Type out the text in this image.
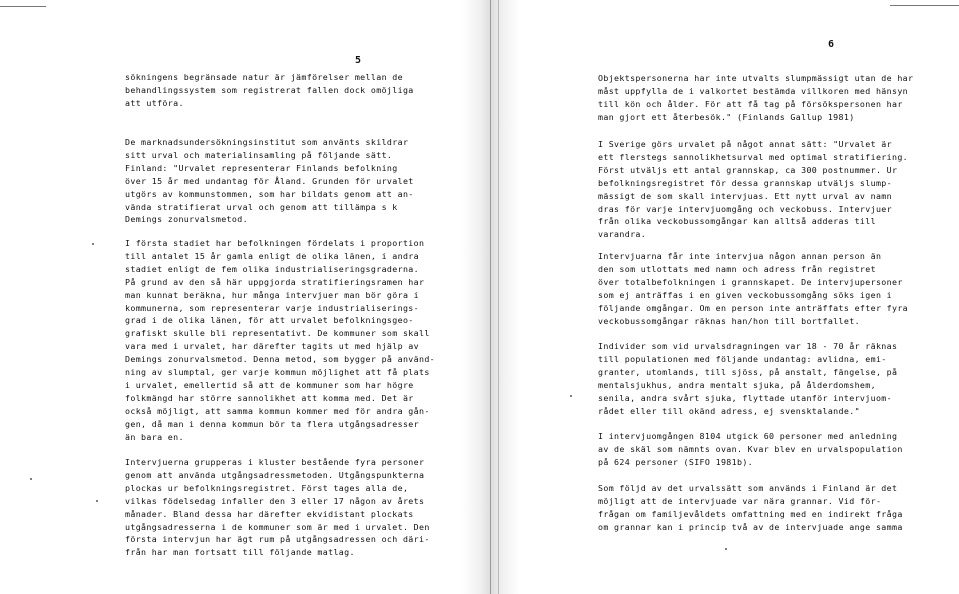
5
sökningens begränsade natur är jämförelser mellan de
behandlingssystem som registrerat fallen dock omöjliga
att utföra.
De marknadsundersökningsinstitut som använts skildrar
sitt urval och materialinsamling på följande sätt.
Finland: "Urvalet representerar Finlands befolkning
över 15 år med undantag för Åland. Grunden för urvalet
utgörs av kommunstommen, som har bildats genom att an-
vända stratifierat urval och genom att tillämpa s k
Demings zonurvalsmetod.
I första stadiet har befolkningen fördelats i proportion
till antalet 15 år gamla enligt de olika länen, i andra
stadiet enligt de fem olika industrialiseringsgraderna.
På grund av den så här uppgjorda stratifieringsramen har
man kunnat beräkna, hur många intervjuer man bör göra i
kommunerna, som representerar varje industrialiserings-
grad i de olika länen, för att urvalet befolkningsgeo-
grafiskt skulle bli representativt. De kommuner som skall
vara med i urvalet, har därefter tagits ut med hjälp av
Demings zonurvalsmetod. Denna metod, som bygger på använd-
ning av slumptal, ger varje kommun möjlighet att få plats
i urvalet, emellertid så att de kommuner som har högre
folkmängd har större sannolikhet att komma med. Det är
också möjligt, att samma kommun kommer med för andra gån-
gen, då man i denna kommun bör ta flera utgångsadresser
än bara en.
Intervjuerna grupperas i kluster bestående fyra personer
genom att använda utgångsadressmetoden. Utgångspunkterna
plockas ur befolkningsregistret. Först tages alla de,
vilkas födelsedag infaller den 3 eller 17 någon av årets
månader. Bland dessa har därefter ekvidistant plockats
utgångsadresserna i de kommuner som är med i urvalet. Den
första intervjun har ägt rum på utgångsadressen och däri-
från har man fortsatt till följande matlag.
6
Objektspersonerna har inte utvalts slumpmässigt utan de har
måst uppfylla de i valkortet bestämda villkoren med hänsyn
till kön och ålder. För att få tag på försökspersonen har
man gjort ett återbesök." (Finlands Gallup 1981)
I Sverige görs urvalet på något annat sätt: "Urvalet är
ett flerstegs sannolikhetsurval med optimal stratifiering.
Först utväljs ett antal grannskap, ca 300 postnummer. Ur
befolkningsregistret för dessa grannskap utväljs slump-
mässigt de som skall intervjuas. Ett nytt urval av namn
dras för varje intervjuomgång och veckobuss. Intervjuer
från olika veckobussomgångar kan alltså adderas till
varandra.
Intervjuarna får inte intervjua någon annan person än
den som utlottats med namn och adress från registret
över totalbefolkningen i grannskapet. De intervjupersoner
som ej anträffas i en given veckobussomgång söks igen i
följande omgångar. Om en person inte anträffats efter fyra
veckobussomgångar räknas han/hon till bortfallet.
Individer som vid urvalsdragningen var 18 - 70 år räknas
till populationen med följande undantag: avlidna, emi-
granter, utomlands, till sjöss, på anstalt, fängelse, på
mentalsjukhus, andra mentalt sjuka, på ålderdomshem,
senila, andra svårt sjuka, flyttade utanför intervjuom-
rådet eller till okänd adress, ej svensktalande."
I intervjuomgången 8104 utgick 60 personer med anledning
av de skäl som nämnts ovan. Kvar blev en urvalspopulation
på 624 personer (SIFO 1981b).
Som följd av det urvalssätt som används i Finland är det
möjligt att de intervjuade var nära grannar. Vid för-
frågan om familjevåldets omfattning med en indirekt fråga
om grannar kan i princip två av de intervjuade ange samma
